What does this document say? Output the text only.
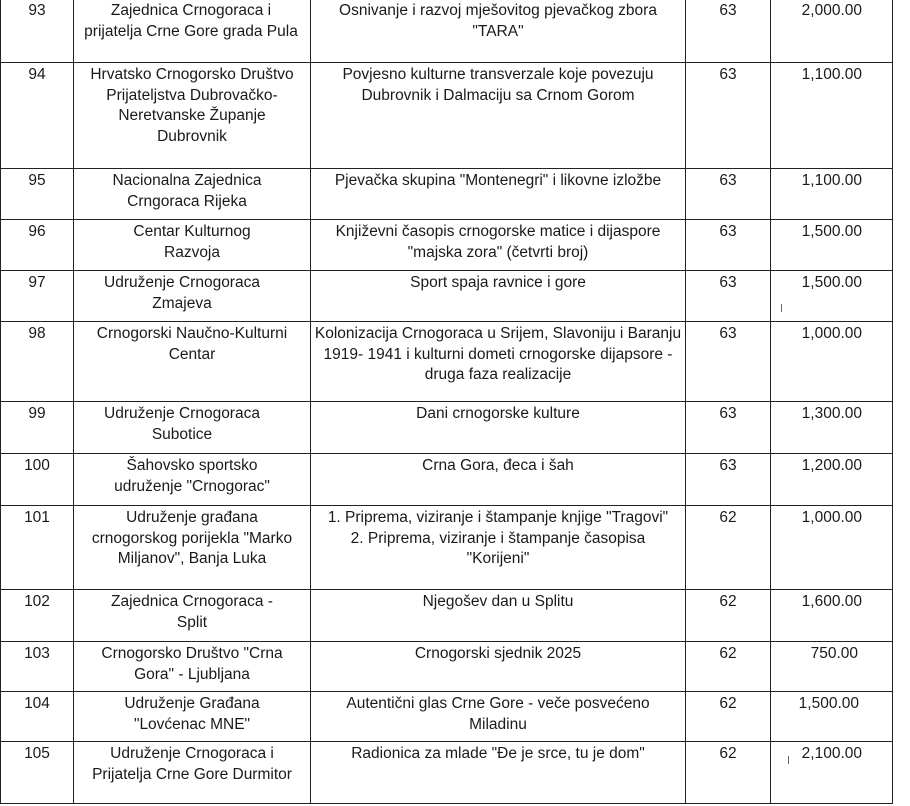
93	Zajednica Crnogoraca i prijatelja Crne Gore grada Pula	Osnivanje i razvoj mješovitog pjevačkog zbora "TARA"	63	2,000.00
94	Hrvatsko Crnogorsko Društvo Prijateljstva Dubrovačko-Neretvanske Županje Dubrovnik	Povjesno kulturne transverzale koje povezuju Dubrovnik i Dalmaciju sa Crnom Gorom	63	1,100.00
95	Nacionalna Zajednica Crngoraca Rijeka	Pjevačka skupina "Montenegri" i likovne izložbe	63	1,100.00
96	Centar Kulturnog Razvoja	Književni časopis crnogorske matice i dijaspore "majska zora" (četvrti broj)	63	1,500.00
97	Udruženje Crnogoraca Zmajeva	Sport spaja ravnice i gore	63	1,500.00
98	Crnogorski Naučno-Kulturni Centar	Kolonizacija Crnogoraca u Srijem, Slavoniju i Baranju 1919- 1941 i kulturni dometi crnogorske dijapsore -druga faza realizacije	63	1,000.00
99	Udruženje Crnogoraca Subotice	Dani crnogorske kulture	63	1,300.00
100	Šahovsko sportsko udruženje "Crnogorac"	Crna Gora, đeca i šah	63	1,200.00
101	Udruženje građana crnogorskog porijekla "Marko Miljanov", Banja Luka	1. Priprema, viziranje i štampanje knjige "Tragovi" 2. Priprema, viziranje i štampanje časopisa "Korijeni"	62	1,000.00
102	Zajednica Crnogoraca - Split	Njegošev dan u Splitu	62	1,600.00
103	Crnogorsko Društvo "Crna Gora" - Ljubljana	Crnogorski sjednik 2025	62	750.00
104	Udruženje Građana "Lovćenac MNE"	Autentični glas Crne Gore - veče posvećeno Miladinu	62	1,500.00
105	Udruženje Crnogoraca i Prijatelja Crne Gore Durmitor	Radionica za mlade "Đe je srce, tu je dom"	62	2,100.00
